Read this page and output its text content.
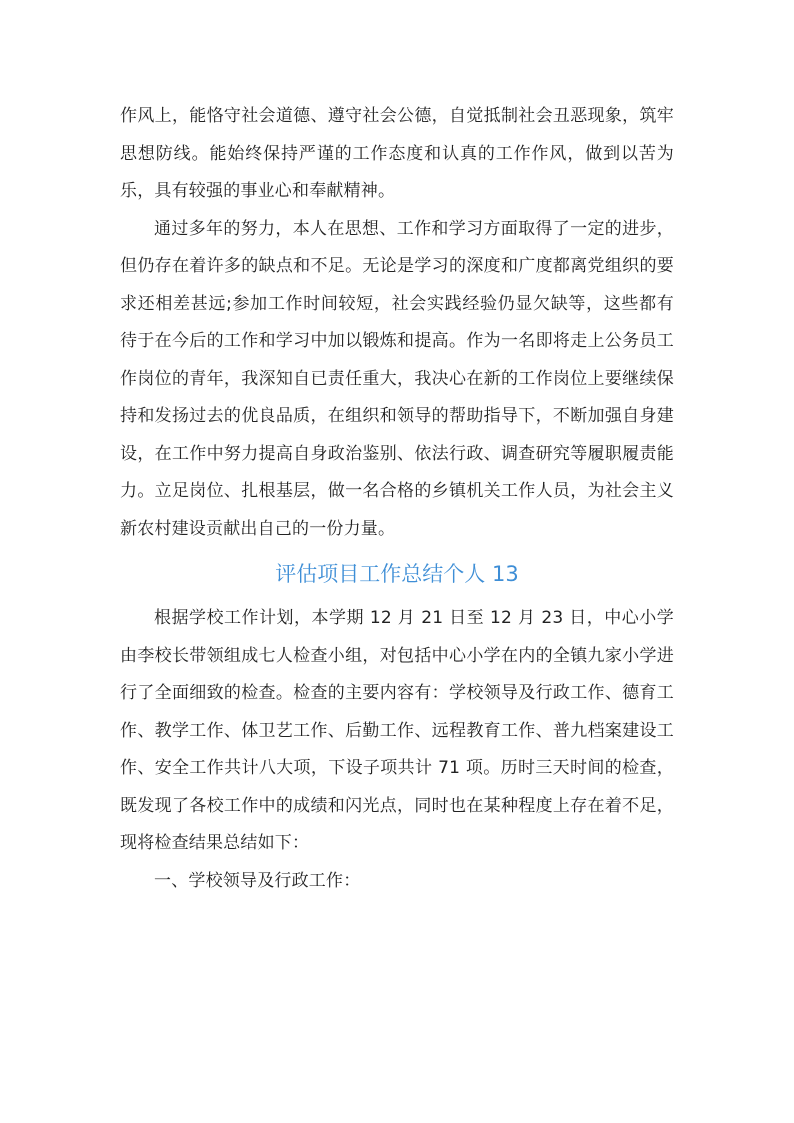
作风上，能恪守社会道德、遵守社会公德，自觉抵制社会丑恶现象，筑牢思想防线。能始终保持严谨的工作态度和认真的工作作风，做到以苦为乐，具有较强的事业心和奉献精神。

通过多年的努力，本人在思想、工作和学习方面取得了一定的进步，但仍存在着许多的缺点和不足。无论是学习的深度和广度都离党组织的要求还相差甚远;参加工作时间较短，社会实践经验仍显欠缺等，这些都有待于在今后的工作和学习中加以锻炼和提高。作为一名即将走上公务员工作岗位的青年，我深知自已责任重大，我决心在新的工作岗位上要继续保持和发扬过去的优良品质，在组织和领导的帮助指导下，不断加强自身建设，在工作中努力提高自身政治鉴别、依法行政、调查研究等履职履责能力。立足岗位、扎根基层，做一名合格的乡镇机关工作人员，为社会主义新农村建设贡献出自己的一份力量。

评估项目工作总结个人 13

根据学校工作计划，本学期 12 月 21 日至 12 月 23 日，中心小学由李校长带领组成七人检查小组，对包括中心小学在内的全镇九家小学进行了全面细致的检查。检查的主要内容有：学校领导及行政工作、德育工作、教学工作、体卫艺工作、后勤工作、远程教育工作、普九档案建设工作、安全工作共计八大项，下设子项共计 71 项。历时三天时间的检查，既发现了各校工作中的成绩和闪光点，同时也在某种程度上存在着不足，现将检查结果总结如下：

一、学校领导及行政工作：
